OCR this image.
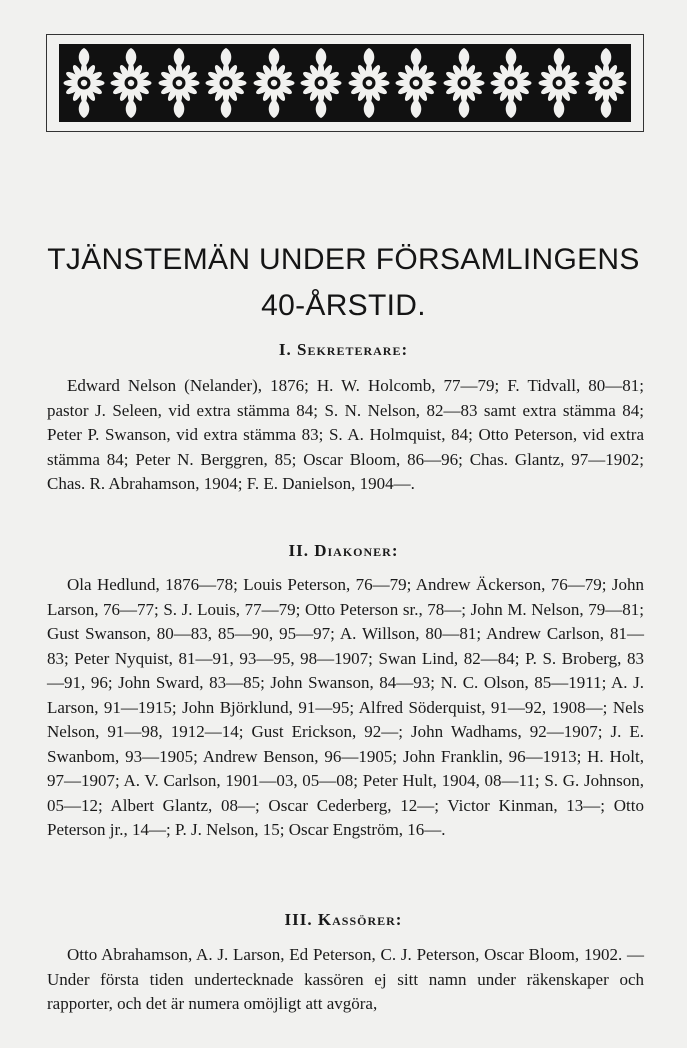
TJÄNSTEMÄN UNDER FÖRSAMLINGENS
40-ÅRSTID.
I. Sekreterare:

Edward Nelson (Nelander), 1876; H. W. Holcomb, 77—79; F. Tidvall, 80—81; pastor J. Seleen, vid extra stämma 84; S. N. Nelson, 82—83 samt extra stämma 84; Peter P. Swanson, vid extra stämma 83; S. A. Holmquist, 84; Otto Peterson, vid extra stämma 84; Peter N. Berggren, 85; Oscar Bloom, 86—96; Chas. Glantz, 97—1902; Chas. R. Abrahamson, 1904; F. E. Danielson, 1904—.

II. Diakoner:

Ola Hedlund, 1876—78; Louis Peterson, 76—79; Andrew Äckerson, 76—79; John Larson, 76—77; S. J. Louis, 77—79; Otto Peterson sr., 78—; John M. Nelson, 79—81; Gust Swanson, 80—83, 85—90, 95—97; A. Willson, 80—81; Andrew Carlson, 81—83; Peter Nyquist, 81—91, 93—95, 98—1907; Swan Lind, 82—84; P. S. Broberg, 83—91, 96; John Sward, 83—85; John Swanson, 84—93; N. C. Olson, 85—1911; A. J. Larson, 91—1915; John Björklund, 91—95; Alfred Söderquist, 91—92, 1908—; Nels Nelson, 91—98, 1912—14; Gust Erickson, 92—; John Wadhams, 92—1907; J. E. Swanbom, 93—1905; Andrew Benson, 96—1905; John Franklin, 96—1913; H. Holt, 97—1907; A. V. Carlson, 1901—03, 05—08; Peter Hult, 1904, 08—11; S. G. Johnson, 05—12; Albert Glantz, 08—; Oscar Cederberg, 12—; Victor Kinman, 13—; Otto Peterson jr., 14—; P. J. Nelson, 15; Oscar Engström, 16—.

III. Kassörer:

Otto Abrahamson, A. J. Larson, Ed Peterson, C. J. Peterson, Oscar Bloom, 1902. — Under första tiden undertecknade kassören ej sitt namn under räkenskaper och rapporter, och det är numera omöjligt att avgöra,
